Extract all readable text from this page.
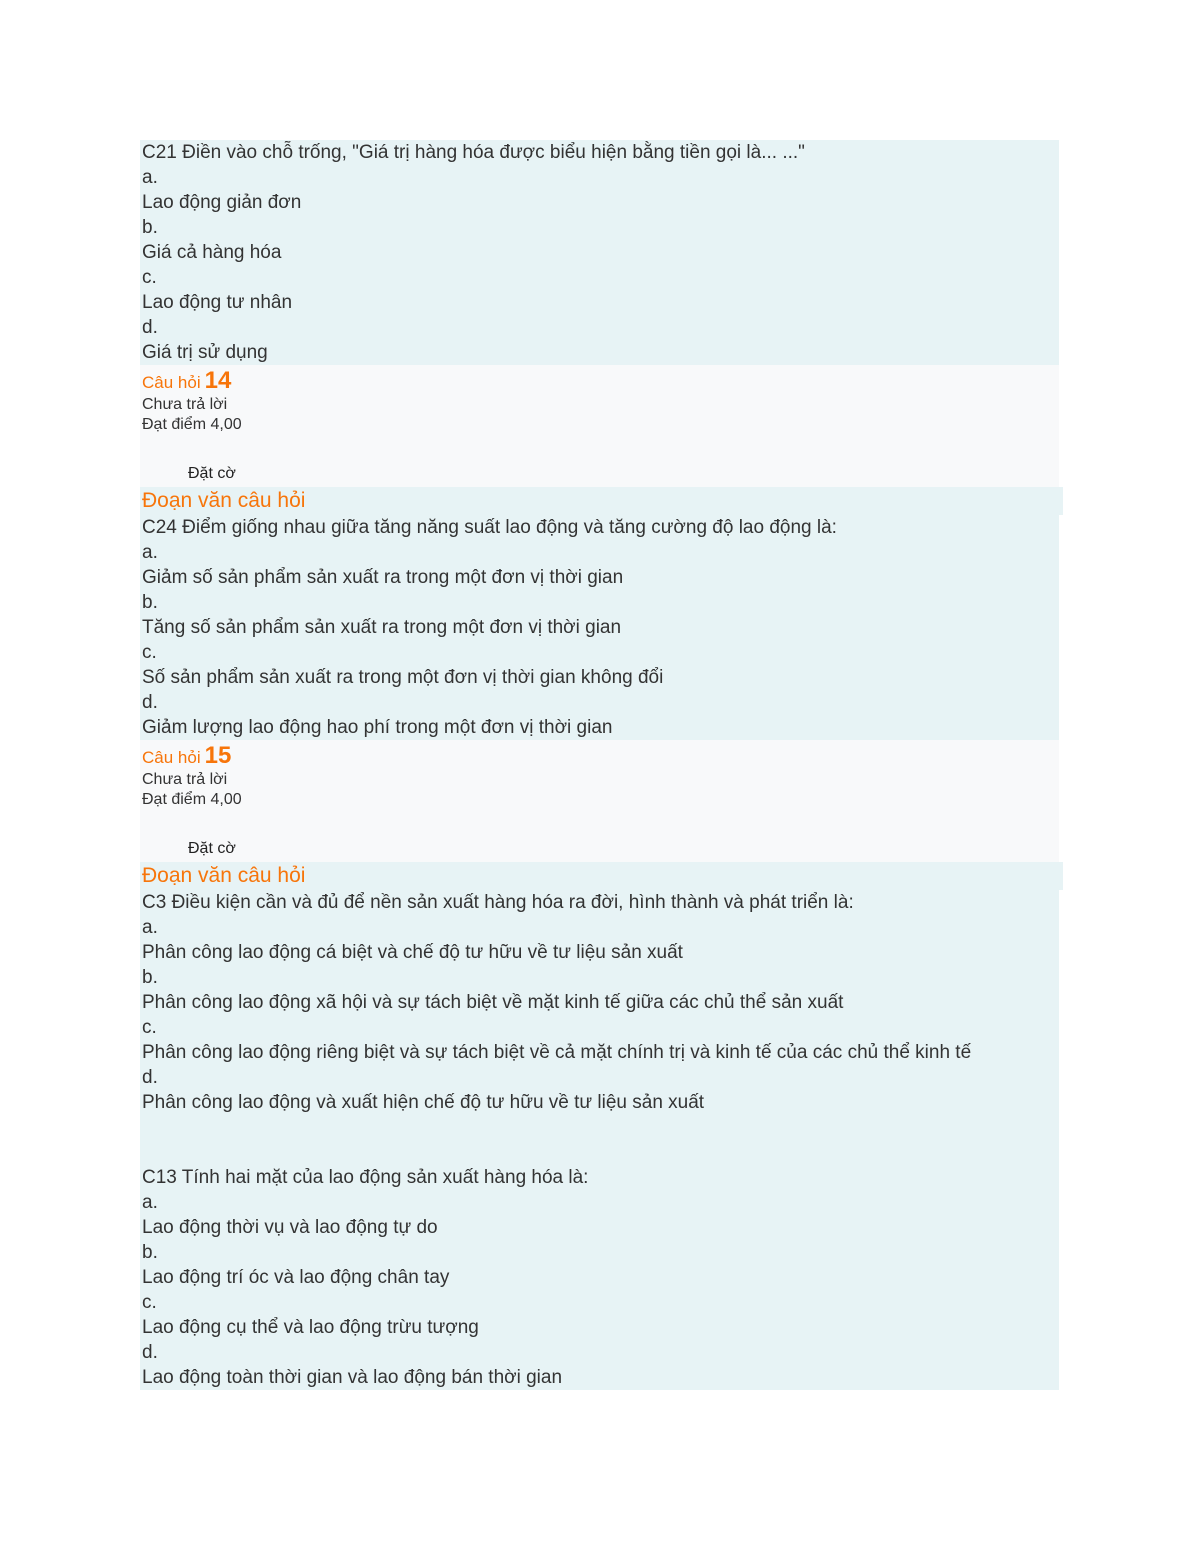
C21 Điền vào chỗ trống, "Giá trị hàng hóa được biểu hiện bằng tiền gọi là... ..."
a.
Lao động giản đơn
b.
Giá cả hàng hóa
c.
Lao động tư nhân
d.
Giá trị sử dụng
Câu hỏi 14
Chưa trả lời
Đạt điểm 4,00
Đặt cờ
Đoạn văn câu hỏi
C24 Điểm giống nhau giữa tăng năng suất lao động và tăng cường độ lao động là:
a.
Giảm số sản phẩm sản xuất ra trong một đơn vị thời gian
b.
Tăng số sản phẩm sản xuất ra trong một đơn vị thời gian
c.
Số sản phẩm sản xuất ra trong một đơn vị thời gian không đổi
d.
Giảm lượng lao động hao phí trong một đơn vị thời gian
Câu hỏi 15
Chưa trả lời
Đạt điểm 4,00
Đặt cờ
Đoạn văn câu hỏi
C3 Điều kiện cần và đủ để nền sản xuất hàng hóa ra đời, hình thành và phát triển là:
a.
Phân công lao động cá biệt và chế độ tư hữu về tư liệu sản xuất
b.
Phân công lao động xã hội và sự tách biệt về mặt kinh tế giữa các chủ thể sản xuất
c.
Phân công lao động riêng biệt và sự tách biệt về cả mặt chính trị và kinh tế của các chủ thể kinh tế
d.
Phân công lao động và xuất hiện chế độ tư hữu về tư liệu sản xuất
C13 Tính hai mặt của lao động sản xuất hàng hóa là:
a.
Lao động thời vụ và lao động tự do
b.
Lao động trí óc và lao động chân tay
c.
Lao động cụ thể và lao động trừu tượng
d.
Lao động toàn thời gian và lao động bán thời gian
